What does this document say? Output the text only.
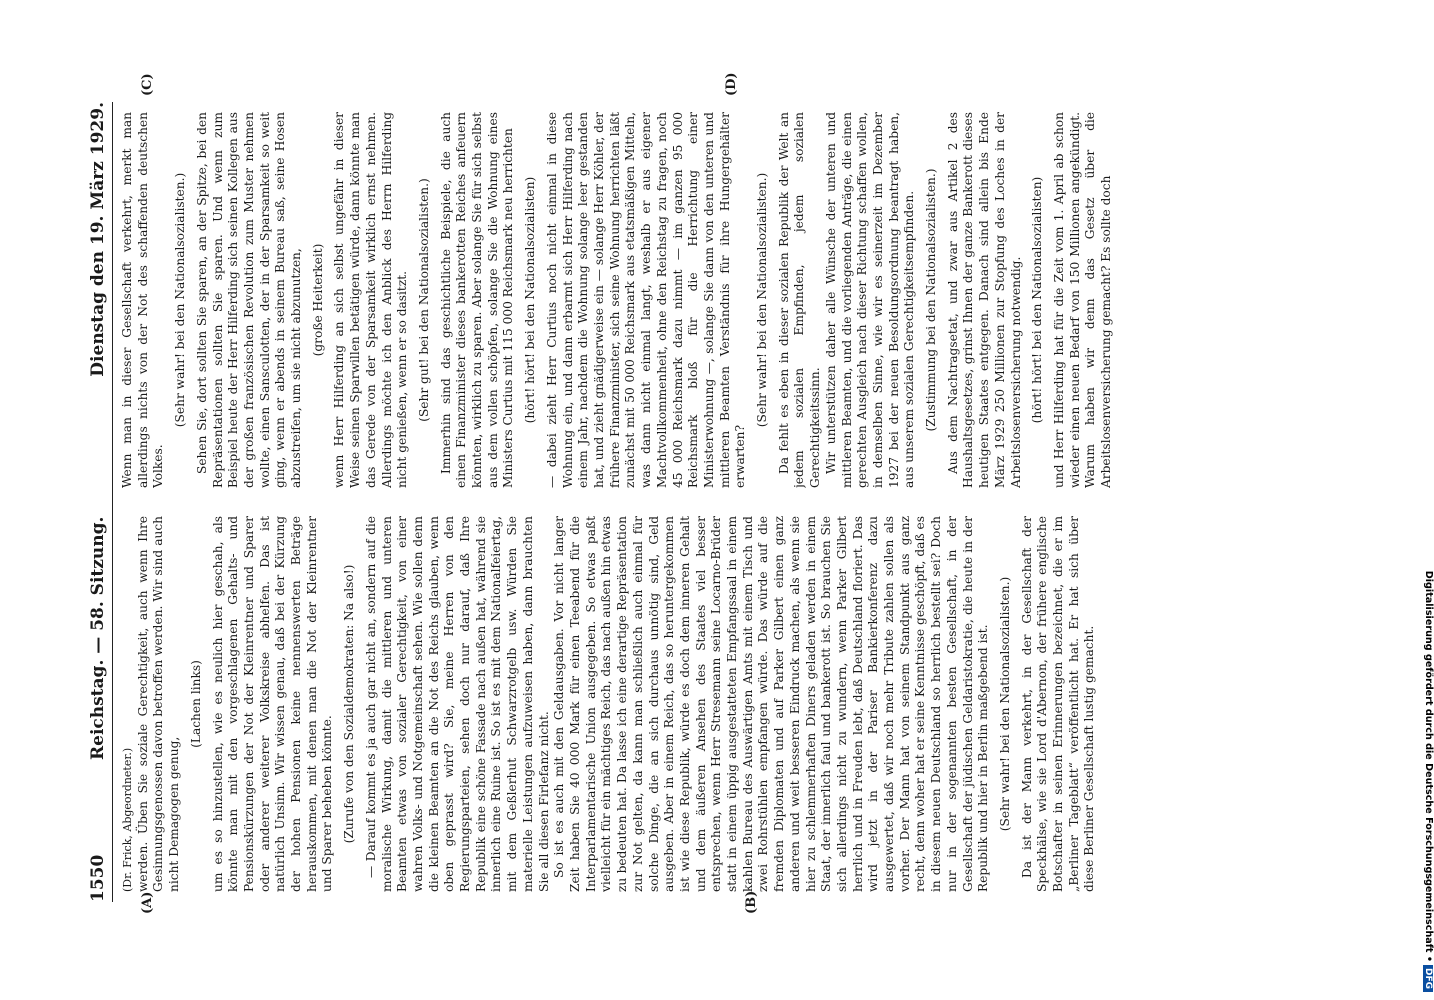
1550
Reichstag. — 58. Sitzung.
Dienstag den 19. März 1929.
(A)	(B)
(C)	(D)

(Dr. Frick, Abgeordneter.) werden. Üben Sie soziale Gerechtigkeit, auch wenn Ihre Gesinnungsgenossen davon betroffen werden. Wir sind auch nicht Demagogen genug,

(Lachen links) um es so hinzustellen, wie es neulich hier geschah, als könnte man mit den vorgeschlagenen Gehalts- und Pensionskürzungen der Not der Kleinrentner und Sparer oder anderer weiterer Volkskreise abhelfen. Das ist natürlich Unsinn. Wir wissen genau, daß bei der Kürzung der hohen Pensionen keine nennenswerten Beträge herauskommen, mit denen man die Not der Kleinrentner und Sparer beheben könnte. (Zurufe von den Sozialdemokraten: Na also!) — Darauf kommt es ja auch gar nicht an, sondern auf die moralische Wirkung, damit die mittleren und unteren Beamten etwas von sozialer Gerechtigkeit, von einer wahren Volks- und Notgemeinschaft sehen. Wie sollen denn die kleinen Beamten an die Not des Reichs glauben, wenn oben geprasst wird? Sie, meine Herren von den Regierungsparteien, sehen doch nur darauf, daß Ihre Republik eine schöne Fassade nach außen hat, während sie innerlich eine Ruine ist. So ist es mit dem Nationalfeiertag, mit dem Geßlerhut Schwarzrotgelb usw. Würden Sie materielle Leistungen aufzuweisen haben, dann brauchten Sie all diesen Firlefanz nicht. So ist es auch mit den Geldausgaben. Vor nicht langer Zeit haben Sie 40 000 Mark für einen Teeabend für die Interparlamentarische Union ausgegeben. So etwas paßt vielleicht für ein mächtiges Reich, das nach außen hin etwas zu bedeuten hat. Da lasse ich eine derartige Repräsentation zur Not gelten, da kann man schließlich auch einmal für solche Dinge, die an sich durchaus unnötig sind, Geld ausgeben. Aber in einem Reich, das so heruntergekommen ist wie diese Republik, würde es doch dem inneren Gehalt und dem äußeren Ansehen des Staates viel besser entsprechen, wenn Herr Stresemann seine Locarno-Brüder statt in einem üppig ausgestatteten Empfangssaal in einem kahlen Bureau des Auswärtigen Amts mit einem Tisch und zwei Rohrstühlen empfangen würde. Das würde auf die fremden Diplomaten und auf Parker Gilbert einen ganz anderen und weit besseren Eindruck machen, als wenn sie hier zu schlemmerhaften Diners geladen werden in einem Staat, der innerlich faul und bankerott ist. So brauchen Sie sich allerdings nicht zu wundern, wenn Parker Gilbert herrlich und in Freuden lebt, daß Deutschland floriert. Das wird jetzt in der Pariser Bankierkonferenz dazu ausgewertet, daß wir noch mehr Tribute zahlen sollen als vorher. Der Mann hat von seinem Standpunkt aus ganz recht, denn woher hat er seine Kenntnisse geschöpft, daß es in diesem neuen Deutschland so herrlich bestellt sei? Doch nur in der sogenannten besten Gesellschaft, in der Gesellschaft der jüdischen Geldaristokratie, die heute in der Republik und hier in Berlin maßgebend ist. (Sehr wahr! bei den Nationalsozialisten.) Da ist der Mann verkehrt, in der Gesellschaft der Speckhälse, wie sie Lord d'Abernon, der frühere englische Botschafter in seinen Erinnerungen bezeichnet, die er im „Berliner Tageblatt“ veröffentlicht hat. Er hat sich über diese Berliner Gesellschaft lustig gemacht.

Wenn man in dieser Gesellschaft verkehrt, merkt man allerdings nichts von der Not des schaffenden deutschen Volkes.

(Sehr wahr! bei den Nationalsozialisten.) Sehen Sie, dort sollten Sie sparen, an der Spitze, bei den Repräsentationen sollten Sie sparen. Und wenn zum Beispiel heute der Herr Hilferding sich seinen Kollegen aus der großen französischen Revolution zum Muster nehmen wollte, einen Sansculotten, der in der Sparsamkeit so weit ging, wenn er abends in seinem Bureau saß, seine Hosen abzustreifen, um sie nicht abzunutzen, (große Heiterkeit) wenn Herr Hilferding an sich selbst ungefähr in dieser Weise seinen Sparwillen betätigen würde, dann könnte man das Gerede von der Sparsamkeit wirklich ernst nehmen. Allerdings möchte ich den Anblick des Herrn Hilferding nicht genießen, wenn er so dasitzt. (Sehr gut! bei den Nationalsozialisten.) Immerhin sind das geschichtliche Beispiele, die auch einen Finanzminister dieses bankerotten Reiches anfeuern könnten, wirklich zu sparen. Aber solange Sie für sich selbst aus dem vollen schöpfen, solange Sie die Wohnung eines Ministers Curtius mit 115 000 Reichsmark neu herrichten (hört! hört! bei den Nationalsozialisten) — dabei zieht Herr Curtius noch nicht einmal in diese Wohnung ein, und dann erbarmt sich Herr Hilferding nach einem Jahr, nachdem die Wohnung solange leer gestanden hat, und zieht gnädigerweise ein — solange Herr Köhler, der frühere Finanzminister, sich seine Wohnung herrichten läßt zunächst mit 50 000 Reichsmark aus etatsmäßigen Mitteln, was dann nicht einmal langt, weshalb er aus eigener Machtvollkommenheit, ohne den Reichstag zu fragen, noch 45 000 Reichsmark dazu nimmt — im ganzen 95 000 Reichsmark bloß für die Herrichtung einer Ministerwohnung —, solange Sie dann von den unteren und mittleren Beamten Verständnis für ihre Hungergehälter erwarten?

(Sehr wahr! bei den Nationalsozialisten.) Da fehlt es eben in dieser sozialen Republik der Welt an jedem sozialen Empfinden, jedem sozialen Gerechtigkeitssinn. Wir unterstützen daher alle Wünsche der unteren und mittleren Beamten, und die vorliegenden Anträge, die einen gerechten Ausgleich nach dieser Richtung schaffen wollen, in demselben Sinne, wie wir es seinerzeit im Dezember 1927 bei der neuen Besoldungsordnung beantragt haben, aus unserem sozialen Gerechtigkeitsempfinden. (Zustimmung bei den Nationalsozialisten.) Aus dem Nachtragsetat, und zwar aus Artikel 2 des Haushaltsgesetzes, grinst Ihnen der ganze Bankerott dieses heutigen Staates entgegen. Danach sind allein bis Ende März 1929 250 Millionen zur Stopfung des Loches in der Arbeitslosenversicherung notwendig. (hört! hört! bei den Nationalsozialisten) und Herr Hilferding hat für die Zeit vom 1. April ab schon wieder einen neuen Bedarf von 150 Millionen angekündigt. Warum haben wir denn das Gesetz über die Arbeitslosenversicherung gemacht? Es sollte doch

Digitalisierung gefördert durch die Deutsche Forschungsgemeinschaft •DFG
